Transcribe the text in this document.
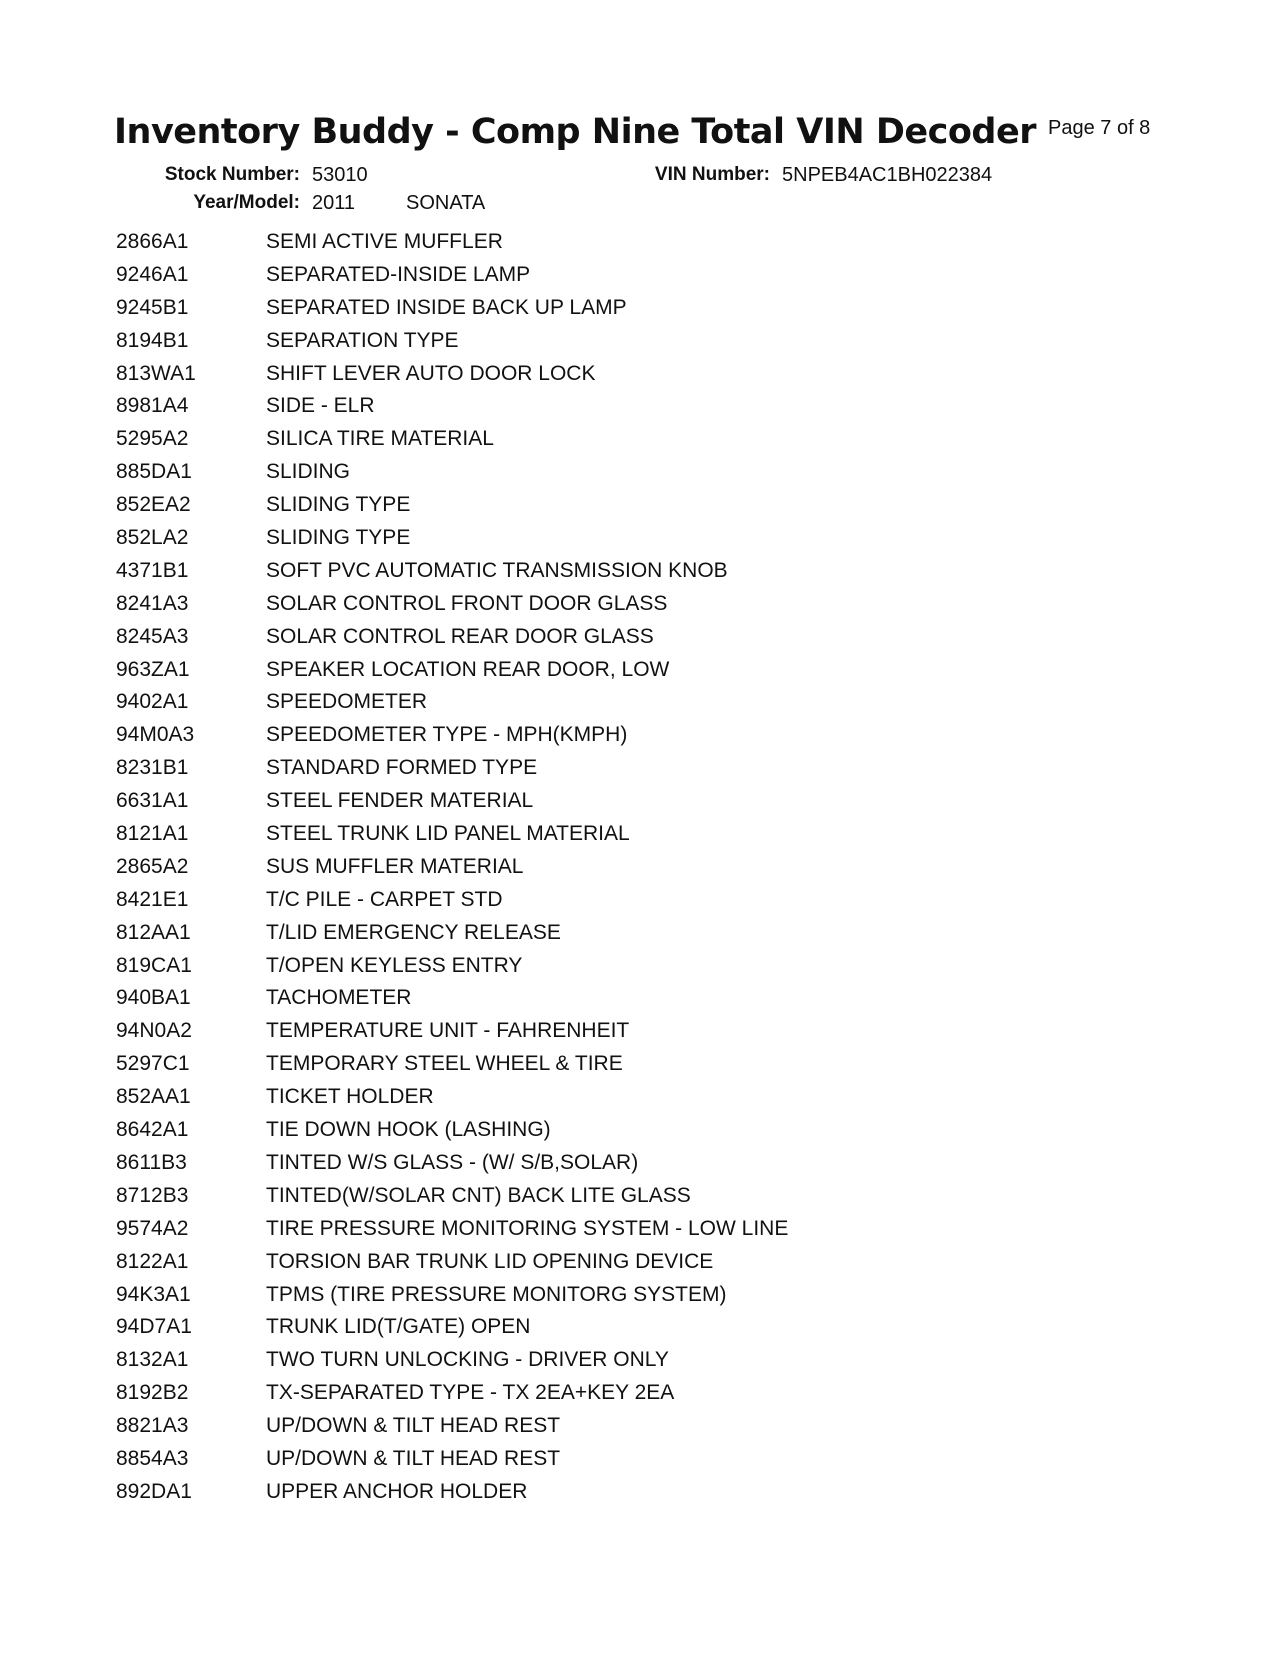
Inventory Buddy - Comp Nine Total VIN Decoder Page 7 of 8
Stock Number: 53010	VIN Number: 5NPEB4AC1BH022384
Year/Model: 2011	SONATA
2866A1	SEMI ACTIVE MUFFLER
9246A1	SEPARATED-INSIDE LAMP
9245B1	SEPARATED INSIDE BACK UP LAMP
8194B1	SEPARATION TYPE
813WA1	SHIFT LEVER AUTO DOOR LOCK
8981A4	SIDE - ELR
5295A2	SILICA TIRE MATERIAL
885DA1	SLIDING
852EA2	SLIDING TYPE
852LA2	SLIDING TYPE
4371B1	SOFT PVC AUTOMATIC TRANSMISSION KNOB
8241A3	SOLAR CONTROL FRONT DOOR GLASS
8245A3	SOLAR CONTROL REAR DOOR GLASS
963ZA1	SPEAKER LOCATION REAR DOOR, LOW
9402A1	SPEEDOMETER
94M0A3	SPEEDOMETER TYPE - MPH(KMPH)
8231B1	STANDARD FORMED TYPE
6631A1	STEEL FENDER MATERIAL
8121A1	STEEL TRUNK LID PANEL MATERIAL
2865A2	SUS MUFFLER MATERIAL
8421E1	T/C PILE - CARPET STD
812AA1	T/LID EMERGENCY RELEASE
819CA1	T/OPEN KEYLESS ENTRY
940BA1	TACHOMETER
94N0A2	TEMPERATURE UNIT - FAHRENHEIT
5297C1	TEMPORARY STEEL WHEEL & TIRE
852AA1	TICKET HOLDER
8642A1	TIE DOWN HOOK (LASHING)
8611B3	TINTED W/S GLASS - (W/ S/B,SOLAR)
8712B3	TINTED(W/SOLAR CNT) BACK LITE GLASS
9574A2	TIRE PRESSURE MONITORING SYSTEM - LOW LINE
8122A1	TORSION BAR TRUNK LID OPENING DEVICE
94K3A1	TPMS (TIRE PRESSURE MONITORG SYSTEM)
94D7A1	TRUNK LID(T/GATE) OPEN
8132A1	TWO TURN UNLOCKING - DRIVER ONLY
8192B2	TX-SEPARATED TYPE - TX 2EA+KEY 2EA
8821A3	UP/DOWN & TILT HEAD REST
8854A3	UP/DOWN & TILT HEAD REST
892DA1	UPPER ANCHOR HOLDER
